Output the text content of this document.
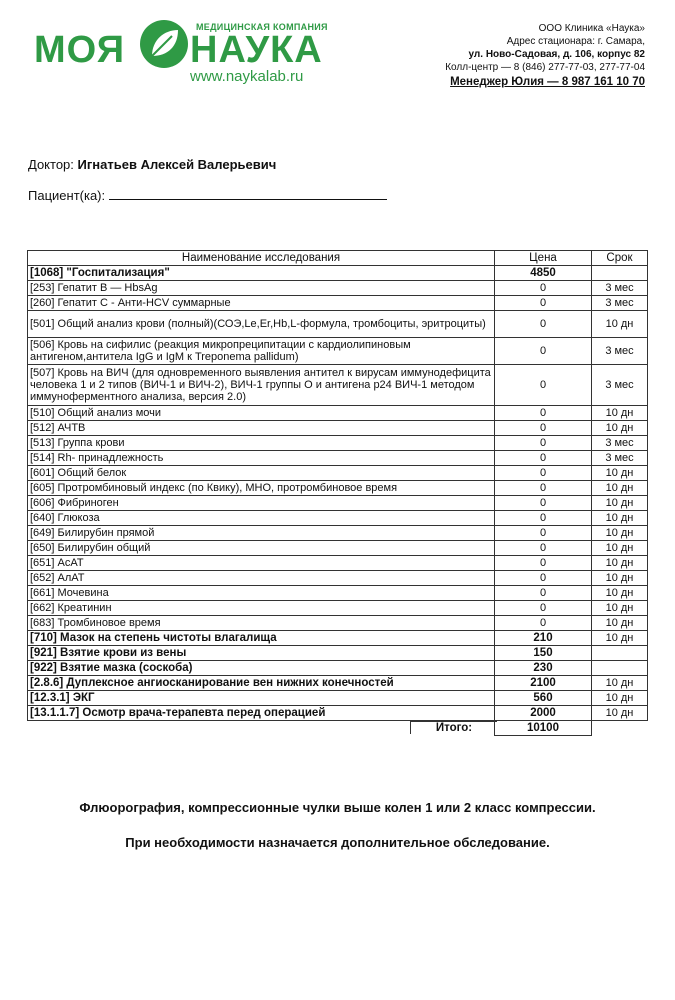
МОЯ
МЕДИЦИНСКАЯ КОМПАНИЯ
НАУКА
www.naykalab.ru
ООО Клиника «Наука»
Адрес стационара: г. Самара,
ул. Ново-Садовая, д. 106, корпус 82
Колл-центр — 8 (846) 277-77-03, 277-77-04
Менеджер Юлия — 8 987 161 10 70
Доктор: Игнатьев Алексей Валерьевич
Пациент(ка):
Наименование исследования	Цена	Срок
[1068] "Госпитализация"	4850	
[253] Гепатит В — HbsAg	0	3 мес
[260] Гепатит С - Анти-HCV суммарные	0	3 мес
[501] Общий анализ крови (полный)(СОЭ,Le,Er,Hb,L-формула, тромбоциты, эритроциты)	0	10 дн
[506] Кровь на сифилис (реакция микропреципитации с кардиолипиновым антигеном,антитела IgG и IgM к Treponema pallidum)	0	3 мес
[507] Кровь на ВИЧ (для одновременного выявления антител к вирусам иммунодефицита человека 1 и 2 типов (ВИЧ-1 и ВИЧ-2), ВИЧ-1 группы О и антигена р24 ВИЧ-1 методом иммуноферментного анализа, версия 2.0)	0	3 мес
[510] Общий анализ мочи	0	10 дн
[512] АЧТВ	0	10 дн
[513] Группа крови	0	3 мес
[514] Rh- принадлежность	0	3 мес
[601] Общий белок	0	10 дн
[605] Протромбиновый индекс (по Квику), МНО, протромбиновое время	0	10 дн
[606] Фибриноген	0	10 дн
[640] Глюкоза	0	10 дн
[649] Билирубин прямой	0	10 дн
[650] Билирубин общий	0	10 дн
[651] АсАТ	0	10 дн
[652] АлАТ	0	10 дн
[661] Мочевина	0	10 дн
[662] Креатинин	0	10 дн
[683] Тромбиновое время	0	10 дн
[710] Мазок на степень чистоты влагалища	210	10 дн
[921] Взятие крови из вены	150	
[922] Взятие мазка (соскоба)	230	
[2.8.6] Дуплексное ангиосканирование вен нижних конечностей	2100	10 дн
[12.3.1] ЭКГ	560	10 дн
[13.1.1.7] Осмотр врача-терапевта перед операцией	2000	10 дн
Итого:	10100	
Флюорография, компрессионные чулки выше колен 1 или 2 класс компрессии.
При необходимости назначается дополнительное обследование.
